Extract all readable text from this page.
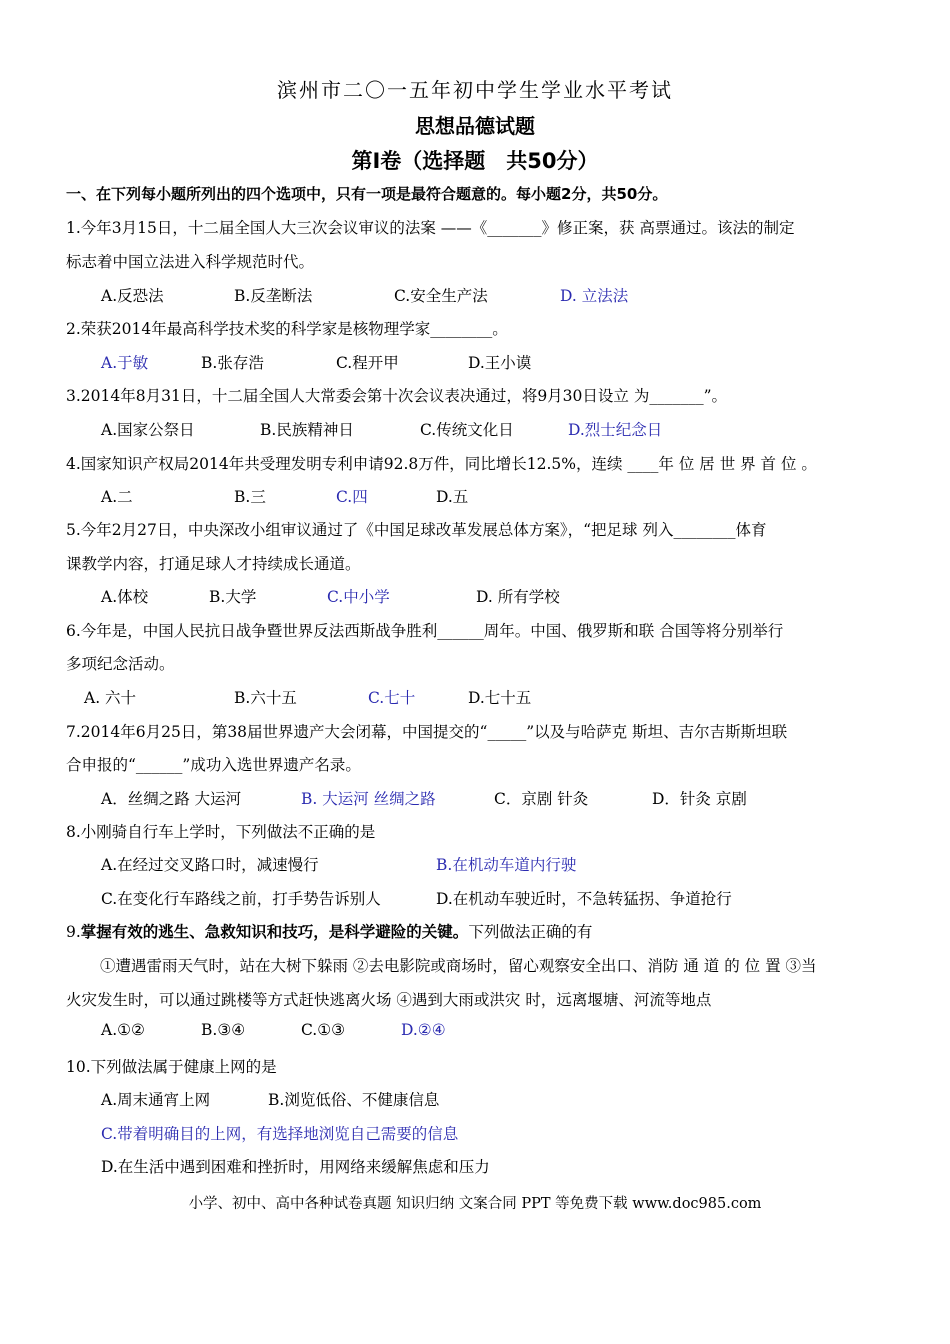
滨州市二〇一五年初中学生学业水平考试
思想品德试题
第Ⅰ卷（选择题　共50分）
一、在下列每小题所列出的四个选项中，只有一项是最符合题意的。每小题2分，共50分。
1.今年3月15日，十二届全国人大三次会议审议的法案 ——《_______》修正案，获 高票通过。该法的制定
标志着中国立法进入科学规范时代。
A.反恐法	B.反垄断法	C.安全生产法	D. 立法法
2.荣获2014年最高科学技术奖的科学家是核物理学家________。
A.于敏	B.张存浩	C.程开甲	D.王小谟
3.2014年8月31日，十二届全国人大常委会第十次会议表决通过，将9月30日设立 为_______”。
A.国家公祭日	B.民族精神日	C.传统文化日	D.烈士纪念日
4.国家知识产权局2014年共受理发明专利申请92.8万件，同比增长12.5%，连续 ____年 位 居 世 界 首 位 。
A.二	B.三	C.四	D.五
5.今年2月27日，中央深改小组审议通过了《中国足球改革发展总体方案》，“把足球 列入________体育
课教学内容，打通足球人才持续成长通道。
A.体校	B.大学	C.中小学	D. 所有学校
6.今年是，中国人民抗日战争暨世界反法西斯战争胜利______周年。中国、俄罗斯和联 合国等将分别举行
多项纪念活动。
A. 六十	B.六十五	C.七十	D.七十五
7.2014年6月25日，第38届世界遗产大会闭幕，中国提交的“_____”以及与哈萨克 斯坦、吉尔吉斯斯坦联
合申报的“______”成功入选世界遗产名录。
A．丝绸之路 大运河	B. 大运河 丝绸之路	C．京剧 针灸	D．针灸 京剧
8.小刚骑自行车上学时，下列做法不正确的是
A.在经过交叉路口时，减速慢行	B.在机动车道内行驶
C.在变化行车路线之前，打手势告诉别人	D.在机动车驶近时，不急转猛拐、争道抢行
9.掌握有效的逃生、急救知识和技巧，是科学避险的关键。下列做法正确的有
①遭遇雷雨天气时，站在大树下躲雨 ②去电影院或商场时，留心观察安全出口、消防 通 道 的 位 置 ③当
火灾发生时，可以通过跳楼等方式赶快逃离火场 ④遇到大雨或洪灾 时，远离堰塘、河流等地点
A.①②	B.③④	C.①③	D.②④
10.下列做法属于健康上网的是
A.周末通宵上网	B.浏览低俗、不健康信息
C.带着明确目的上网，有选择地浏览自己需要的信息
D.在生活中遇到困难和挫折时，用网络来缓解焦虑和压力
小学、初中、高中各种试卷真题 知识归纳 文案合同 PPT 等免费下载 www.doc985.com
